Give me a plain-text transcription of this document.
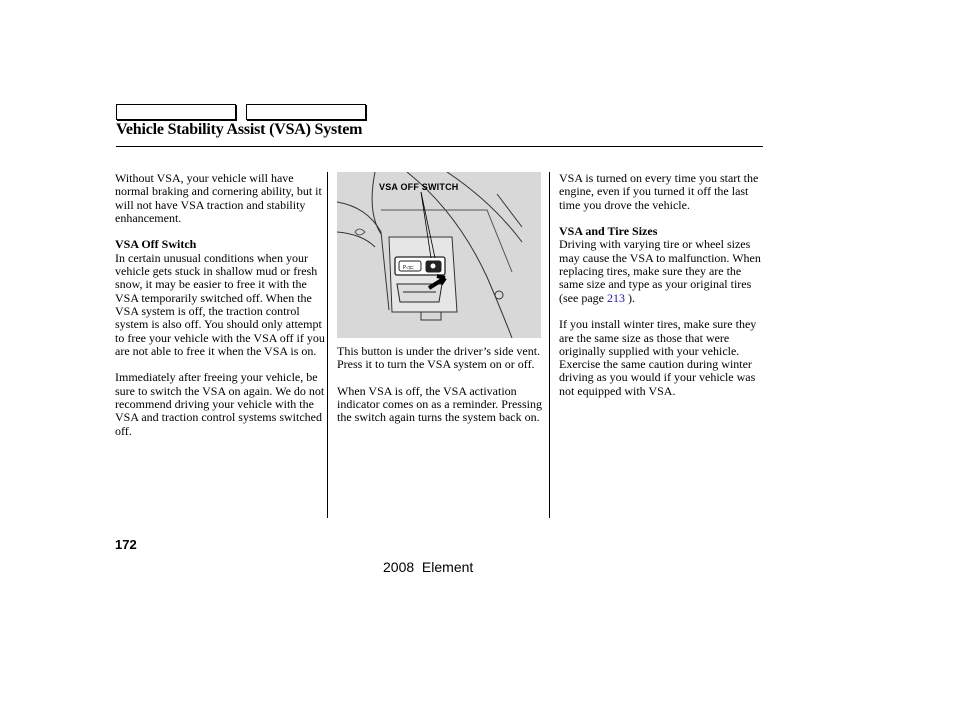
Vehicle Stability Assist (VSA) System

Without VSA, your vehicle will have normal braking and cornering ability, but it will not have VSA traction and stability enhancement.

VSA Off Switch

In certain unusual conditions when your vehicle gets stuck in shallow mud or fresh snow, it may be easier to free it with the VSA temporarily switched off. When the VSA system is off, the traction control system is also off. You should only attempt to free your vehicle with the VSA off if you are not able to free it when the VSA is on.

Immediately after freeing your vehicle, be sure to switch the VSA on again. We do not recommend driving your vehicle with the VSA and traction control systems switched off.

P◁⊏
VSA OFF SWITCH

This button is under the driver’s side vent. Press it to turn the VSA system on or off.

When VSA is off, the VSA activation indicator comes on as a reminder. Pressing the switch again turns the system back on.

VSA is turned on every time you start the engine, even if you turned it off the last time you drove the vehicle.

VSA and Tire Sizes

Driving with varying tire or wheel sizes may cause the VSA to malfunction. When replacing tires, make sure they are the same size and type as your original tires (see page 213 ).

If you install winter tires, make sure they are the same size as those that were originally supplied with your vehicle. Exercise the same caution during winter driving as you would if your vehicle was not equipped with VSA.

172
2008  Element
